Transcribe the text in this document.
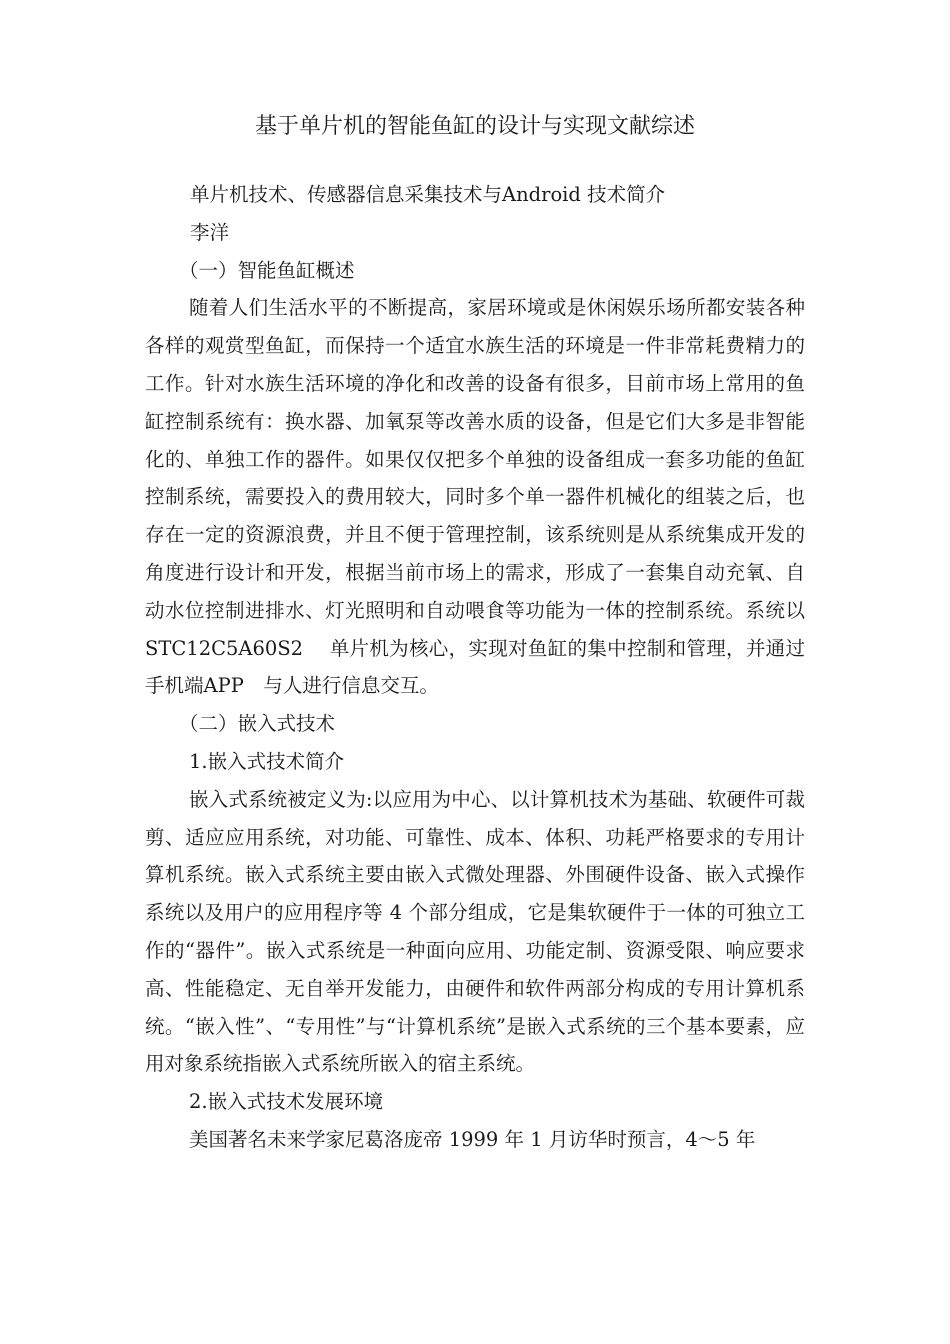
基于单片机的智能鱼缸的设计与实现文献综述

单片机技术、传感器信息采集技术与Android 技术简介

李洋

（一）智能鱼缸概述

随着人们生活水平的不断提高，家居环境或是休闲娱乐场所都安装各种各样的观赏型鱼缸，而保持一个适宜水族生活的环境是一件非常耗费精力的工作。针对水族生活环境的净化和改善的设备有很多，目前市场上常用的鱼缸控制系统有：换水器、加氧泵等改善水质的设备，但是它们大多是非智能化的、单独工作的器件。如果仅仅把多个单独的设备组成一套多功能的鱼缸控制系统，需要投入的费用较大，同时多个单一器件机械化的组装之后，也存在一定的资源浪费，并且不便于管理控制，该系统则是从系统集成开发的角度进行设计和开发，根据当前市场上的需求，形成了一套集自动充氧、自动水位控制进排水、灯光照明和自动喂食等功能为一体的控制系统。系统以STC12C5A60S2　 单片机为核心，实现对鱼缸的集中控制和管理，并通过手机端APP　与人进行信息交互。

（二）嵌入式技术

1.嵌入式技术简介

嵌入式系统被定义为:以应用为中心、以计算机技术为基础、软硬件可裁剪、适应应用系统，对功能、可靠性、成本、体积、功耗严格要求的专用计算机系统。嵌入式系统主要由嵌入式微处理器、外围硬件设备、嵌入式操作系统以及用户的应用程序等 4 个部分组成，它是集软硬件于一体的可独立工作的“器件”。嵌入式系统是一种面向应用、功能定制、资源受限、响应要求高、性能稳定、无自举开发能力，由硬件和软件两部分构成的专用计算机系统。“嵌入性”、“专用性”与“计算机系统”是嵌入式系统的三个基本要素，应用对象系统指嵌入式系统所嵌入的宿主系统。

2.嵌入式技术发展环境

美国著名未来学家尼葛洛庞帝 1999 年 1 月访华时预言，4～5 年
